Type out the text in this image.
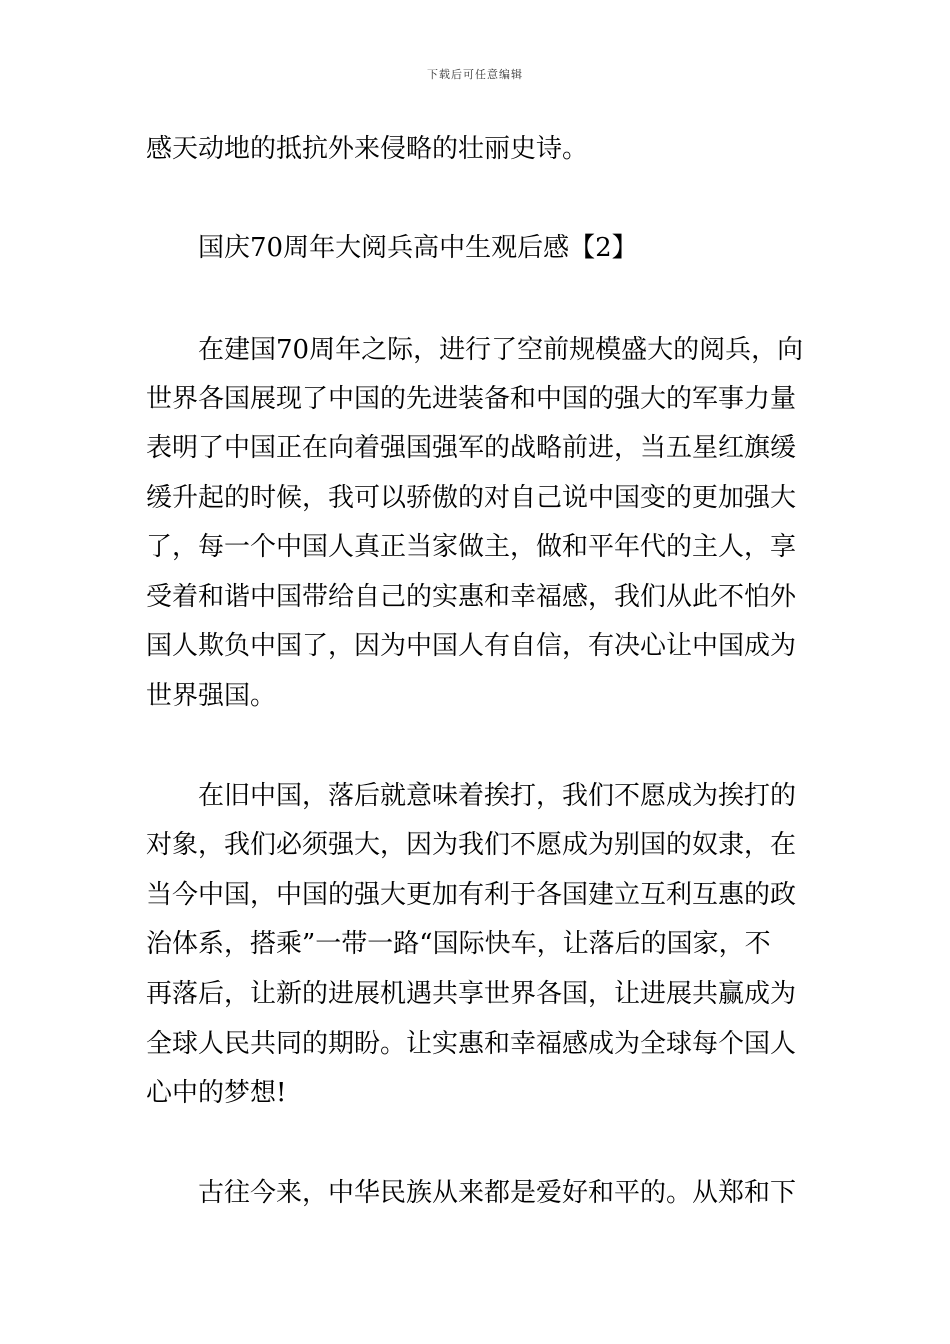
下载后可任意编辑
感天动地的抵抗外来侵略的壮丽史诗。
国庆70周年大阅兵高中生观后感【2】
在建国70周年之际，进行了空前规模盛大的阅兵，向
世界各国展现了中国的先进装备和中国的强大的军事力量
表明了中国正在向着强国强军的战略前进，当五星红旗缓
缓升起的时候，我可以骄傲的对自己说中国变的更加强大
了，每一个中国人真正当家做主，做和平年代的主人，享
受着和谐中国带给自己的实惠和幸福感，我们从此不怕外
国人欺负中国了，因为中国人有自信，有决心让中国成为
世界强国。
在旧中国，落后就意味着挨打，我们不愿成为挨打的
对象，我们必须强大，因为我们不愿成为别国的奴隶，在
当今中国，中国的强大更加有利于各国建立互利互惠的政
治体系，搭乘”一带一路“国际快车，让落后的国家，不
再落后，让新的进展机遇共享世界各国，让进展共赢成为
全球人民共同的期盼。让实惠和幸福感成为全球每个国人
心中的梦想!
古往今来，中华民族从来都是爱好和平的。从郑和下
